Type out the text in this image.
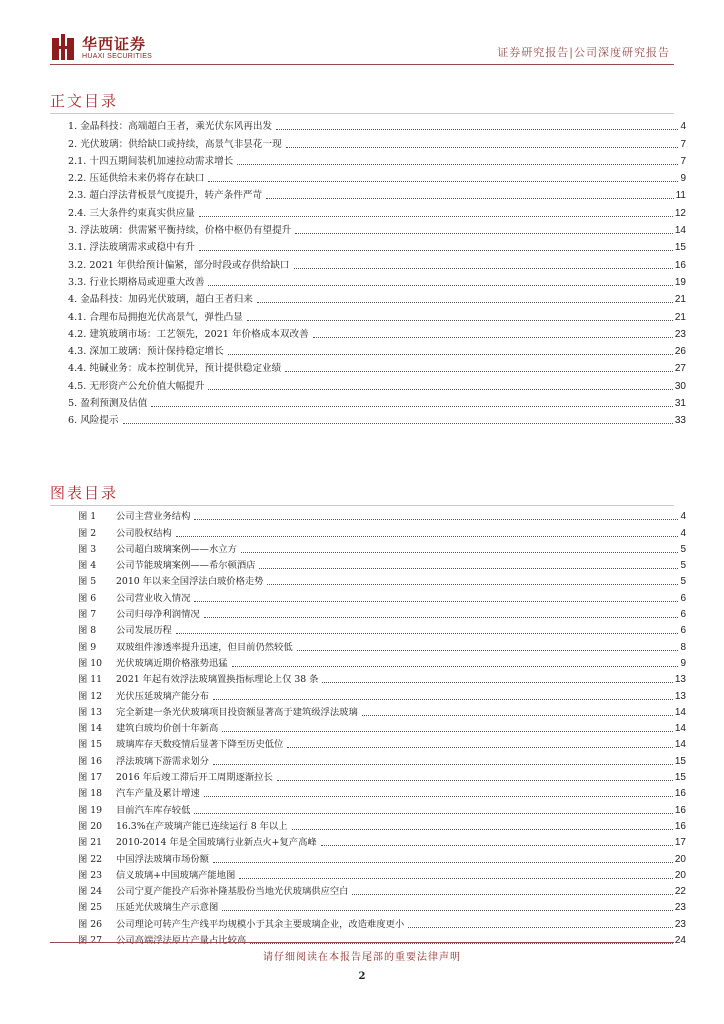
华西证券
HUAXI SECURITIES	证券研究报告|公司深度研究报告
正文目录
1. 金晶科技：高端超白王者，乘光伏东风再出发	4
2. 光伏玻璃：供给缺口或持续，高景气非昙花一现	7
2.1. 十四五期间装机加速拉动需求增长	7
2.2. 压延供给未来仍将存在缺口	9
2.3. 超白浮法背板景气度提升，转产条件严苛	11
2.4. 三大条件约束真实供应量	12
3. 浮法玻璃：供需紧平衡持续，价格中枢仍有望提升	14
3.1. 浮法玻璃需求或稳中有升	15
3.2. 2021 年供给预计偏紧，部分时段或存供给缺口	16
3.3. 行业长期格局或迎重大改善	19
4. 金晶科技：加码光伏玻璃，超白王者归来	21
4.1. 合理布局拥抱光伏高景气，弹性凸显	21
4.2. 建筑玻璃市场：工艺领先，2021 年价格成本双改善	23
4.3. 深加工玻璃：预计保持稳定增长	26
4.4. 纯碱业务：成本控制优异，预计提供稳定业绩	27
4.5. 无形资产公允价值大幅提升	30
5. 盈利预测及估值	31
6. 风险提示	33
图表目录
图 1	公司主营业务结构	4
图 2	公司股权结构	4
图 3	公司超白玻璃案例——水立方	5
图 4	公司节能玻璃案例——希尔顿酒店	5
图 5	2010 年以来全国浮法白玻价格走势	5
图 6	公司营业收入情况	6
图 7	公司归母净利润情况	6
图 8	公司发展历程	6
图 9	双玻组件渗透率提升迅速，但目前仍然较低	8
图 10	光伏玻璃近期价格涨势迅猛	9
图 11	2021 年起有效浮法玻璃置换指标理论上仅 38 条	13
图 12	光伏压延玻璃产能分布	13
图 13	完全新建一条光伏玻璃项目投资额显著高于建筑级浮法玻璃	14
图 14	建筑白玻均价创十年新高	14
图 15	玻璃库存天数疫情后显著下降至历史低位	14
图 16	浮法玻璃下游需求划分	15
图 17	2016 年后竣工滞后开工周期逐渐拉长	15
图 18	汽车产量及累计增速	16
图 19	目前汽车库存较低	16
图 20	16.3%在产玻璃产能已连续运行 8 年以上	16
图 21	2010-2014 年是全国玻璃行业新点火+复产高峰	17
图 22	中国浮法玻璃市场份额	20
图 23	信义玻璃+中国玻璃产能地图	20
图 24	公司宁夏产能投产后弥补隆基股份当地光伏玻璃供应空白	22
图 25	压延光伏玻璃生产示意图	23
图 26	公司理论可转产生产线平均规模小于其余主要玻璃企业，改造难度更小	23
图 27	公司高端浮法原片产量占比较高	24
请仔细阅读在本报告尾部的重要法律声明
2
